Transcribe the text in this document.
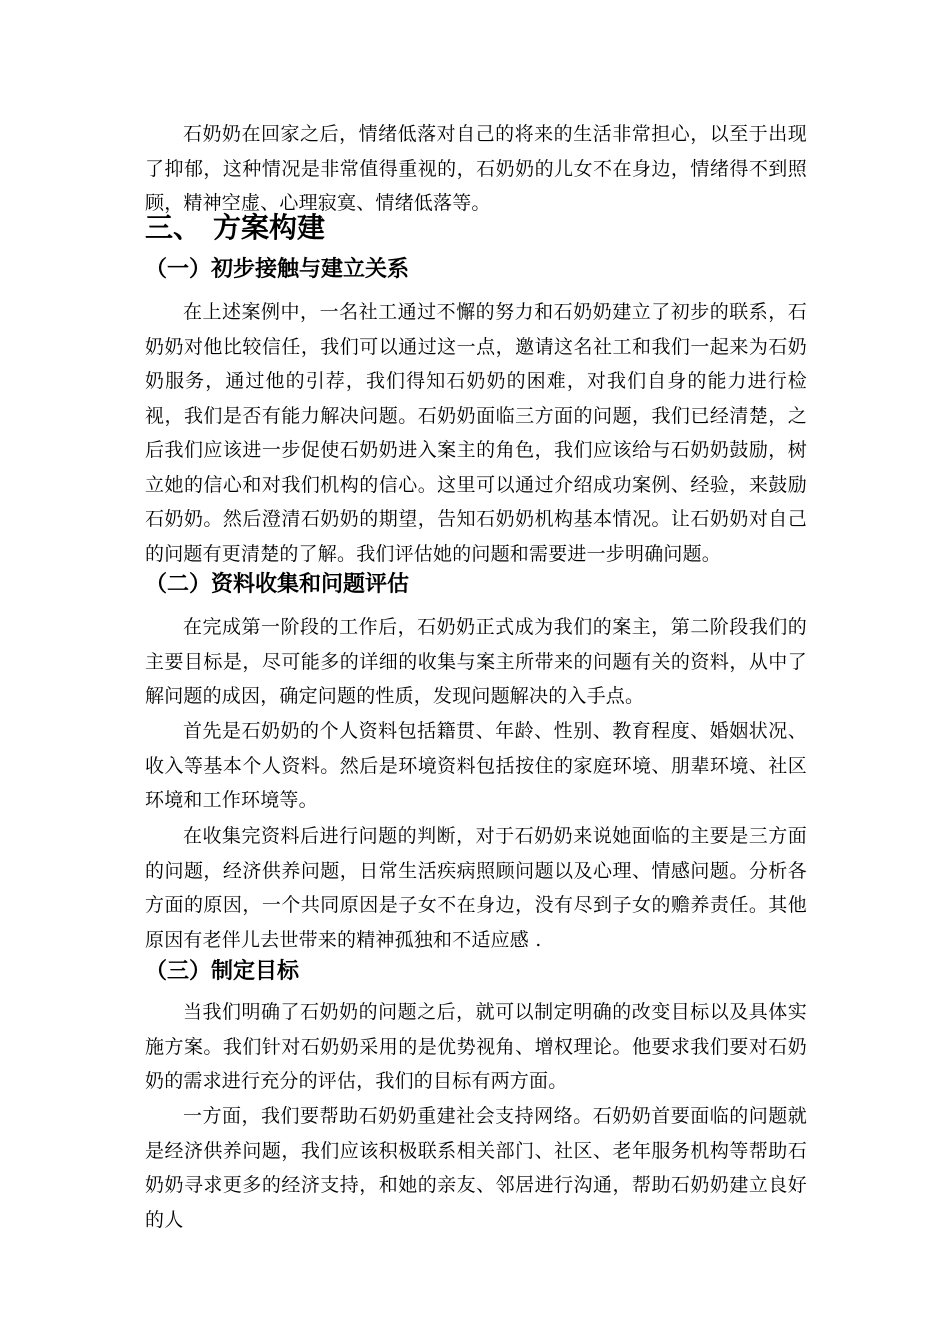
石奶奶在回家之后，情绪低落对自己的将来的生活非常担心，以至于出现了抑郁，这种情况是非常值得重视的，石奶奶的儿女不在身边，情绪得不到照顾，精神空虚、心理寂寞、情绪低落等。

三、 方案构建
（一）初步接触与建立关系

在上述案例中，一名社工通过不懈的努力和石奶奶建立了初步的联系，石奶奶对他比较信任，我们可以通过这一点，邀请这名社工和我们一起来为石奶奶服务，通过他的引荐，我们得知石奶奶的困难，对我们自身的能力进行检视，我们是否有能力解决问题。石奶奶面临三方面的问题，我们已经清楚，之后我们应该进一步促使石奶奶进入案主的角色，我们应该给与石奶奶鼓励，树立她的信心和对我们机构的信心。这里可以通过介绍成功案例、经验，来鼓励石奶奶。然后澄清石奶奶的期望，告知石奶奶机构基本情况。让石奶奶对自己的问题有更清楚的了解。我们评估她的问题和需要进一步明确问题。

（二）资料收集和问题评估

在完成第一阶段的工作后，石奶奶正式成为我们的案主，第二阶段我们的主要目标是，尽可能多的详细的收集与案主所带来的问题有关的资料，从中了解问题的成因，确定问题的性质，发现问题解决的入手点。

首先是石奶奶的个人资料包括籍贯、年龄、性别、教育程度、婚姻状况、收入等基本个人资料。然后是环境资料包括按住的家庭环境、朋辈环境、社区环境和工作环境等。

在收集完资料后进行问题的判断，对于石奶奶来说她面临的主要是三方面的问题，经济供养问题，日常生活疾病照顾问题以及心理、情感问题。分析各方面的原因，一个共同原因是子女不在身边，没有尽到子女的赡养责任。其他原因有老伴儿去世带来的精神孤独和不适应感 .

（三）制定目标

当我们明确了石奶奶的问题之后，就可以制定明确的改变目标以及具体实施方案。我们针对石奶奶采用的是优势视角、增权理论。他要求我们要对石奶奶的需求进行充分的评估，我们的目标有两方面。

一方面，我们要帮助石奶奶重建社会支持网络。石奶奶首要面临的问题就是经济供养问题，我们应该积极联系相关部门、社区、老年服务机构等帮助石奶奶寻求更多的经济支持，和她的亲友、邻居进行沟通，帮助石奶奶建立良好的人
